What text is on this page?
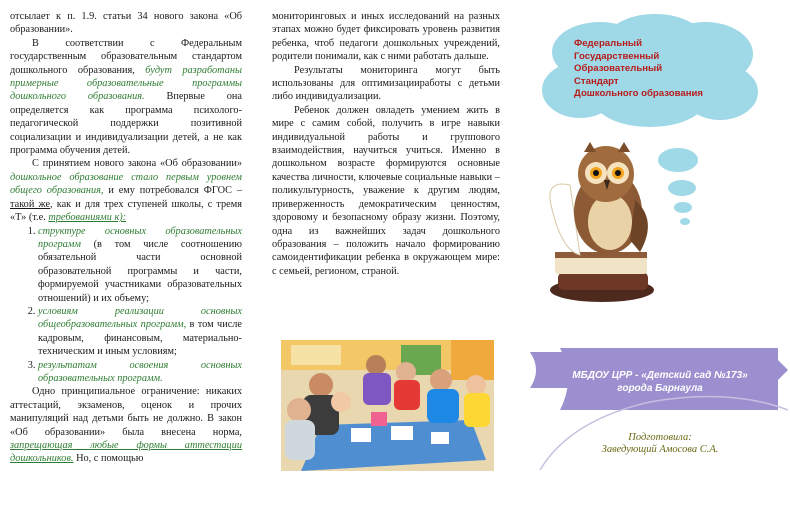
отсылает к п. 1.9. статьи 34 нового закона «Об образовании».

В соответствии с Федеральным государственным образовательным стандартом дошкольного образования, будут разработаны примерные образовательные программы дошкольного образования. Впервые она определяется как программа психолого-педагогической поддержки позитивной социализации и индивидуализации детей, а не как программа обучения детей.

С принятием нового закона «Об образовании» дошкольное образование стало первым уровнем общего образования, и ему потребовался ФГОС – такой же, как и для трех ступеней школы, с тремя «Т» (т.е. требованиями к):

1. структуре основных образовательных программ (в том числе соотношению обязательной части основной образовательной программы и части, формируемой участниками образовательных отношений) и их объему;
2. условиям реализации основных общеобразовательных программ, в том числе кадровым, финансовым, материально-техническим и иным условиям;
3. результатам освоения основных образовательных программ.

Одно принципиальное ограничение: никаких аттестаций, экзаменов, оценок и прочих манипуляций над детьми быть не должно. В закон «Об образовании» была внесена норма, запрещающая любые формы аттестации дошкольников. Но, с помощью

мониторинговых и иных исследований на разных этапах можно будет фиксировать уровень развития ребенка, чтоб педагоги дошкольных учреждений, родители понимали, как с ними работать дальше.

Результаты мониторинга могут быть использованы для оптимизацииработы с детьми либо индивидуализации.

Ребенок должен овладеть умением жить в мире с самим собой, получить в игре навыки индивидуальной работы и группового взаимодействия, научиться учиться. Именно в дошкольном возрасте формируются основные качества личности, ключевые социальные навыки – поликультурность, уважение к другим людям, приверженность демократическим ценностям, здоровому и безопасному образу жизни. Поэтому, одна из важнейших задач дошкольного образования – положить начало формированию самоидентификации ребенка в окружающем мире: с семьей, регионом, страной.

Федеральный
Государственный
Образовательный
Стандарт
Дошкольного образования
МБДОУ ЦРР - «Детский сад №173»
города Барнаула
Подготовила:
Заведующий Амосова С.А.
